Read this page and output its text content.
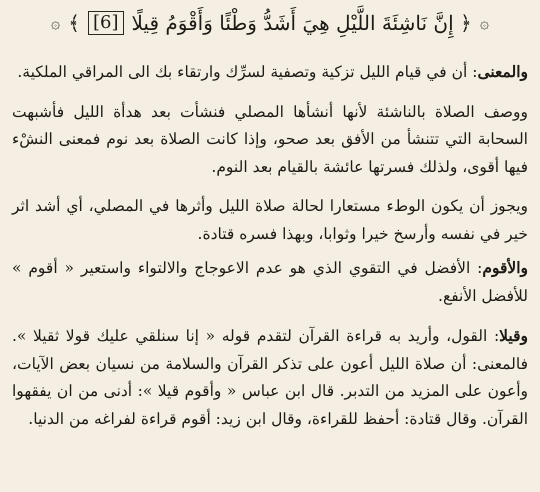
۞
﴿ إِنَّ نَاشِئَةَ اللَّيْلِ هِيَ أَشَدُّ وَطْئًا وَأَقْوَمُ قِيلًا
[6]
﴾
۞

والمعنى: أن في قيام الليل تزكية وتصفية لسرِّك وارتقاء بك الى المراقي الملكية.

ووصف الصلاة بالناشئة لأنها أنشأها المصلي فنشأت بعد هدأة الليل فأشبهت السحابة التي تتنشأ من الأفق بعد صحو، وإذا كانت الصلاة بعد نوم فمعنى النشْء فيها أقوى، ولذلك فسرتها عائشة بالقيام بعد النوم.

ويجوز أن يكون الوطء مستعارا لحالة صلاة الليل وأثرها في المصلي، أي أشد اثر خير في نفسه وأرسخ خيرا وثوابا، وبهذا فسره قتادة.

والأقوم: الأفضل في التقوي الذي هو عدم الاعوجاج والالتواء واستعير « أقوم » للأفضل الأنفع.

وقيلا: القول، وأريد به قراءة القرآن لتقدم قوله « إنا سنلقي عليك قولا ثقيلا ». فالمعنى: أن صلاة الليل أعون على تذكر القرآن والسلامة من نسيان بعض الآيات، وأعون على المزيد من التدبر. قال ابن عباس « وأقوم قيلا »: أدنى من ان يفقهوا القرآن. وقال قتادة: أحفظ للقراءة، وقال ابن زيد: أقوم قراءة لفراغه من الدنيا.
